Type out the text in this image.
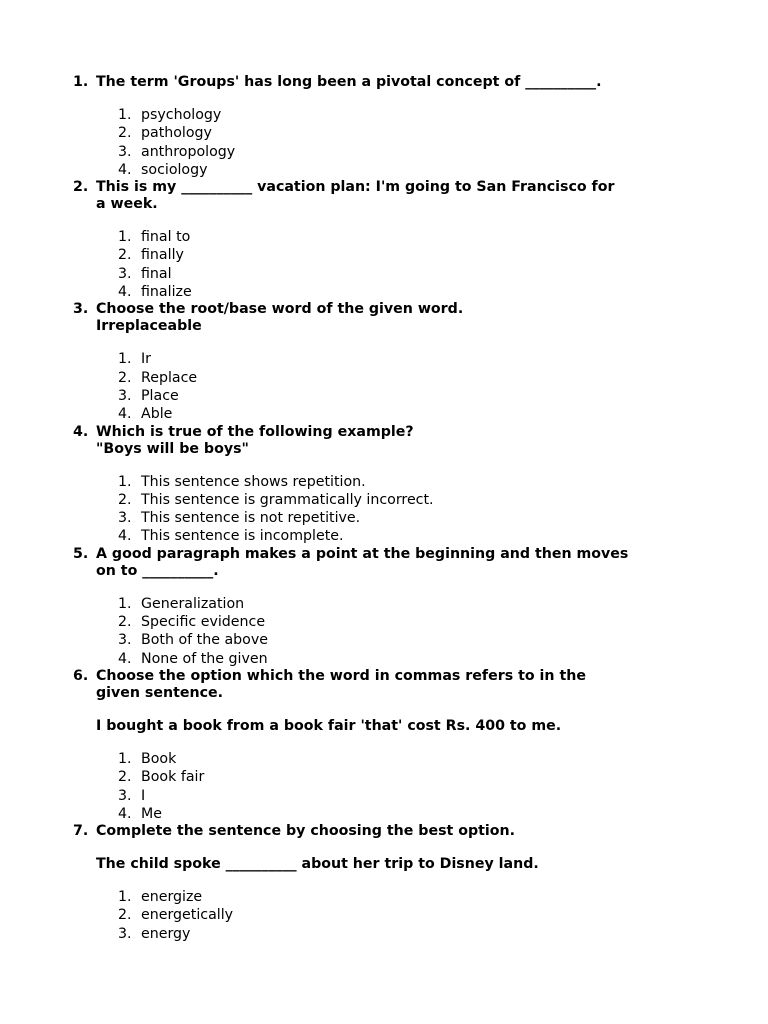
1. The term 'Groups' has long been a pivotal concept of __________.
1. psychology
2. pathology
3. anthropology
4. sociology
2. This is my __________ vacation plan: I'm going to San Francisco for
a week.
1. final to
2. finally
3. final
4. finalize
3. Choose the root/base word of the given word.
Irreplaceable
1. Ir
2. Replace
3. Place
4. Able
4. Which is true of the following example?
"Boys will be boys"
1. This sentence shows repetition.
2. This sentence is grammatically incorrect.
3. This sentence is not repetitive.
4. This sentence is incomplete.
5. A good paragraph makes a point at the beginning and then moves
on to __________.
1. Generalization
2. Specific evidence
3. Both of the above
4. None of the given
6. Choose the option which the word in commas refers to in the
given sentence.
I bought a book from a book fair 'that' cost Rs. 400 to me.
1. Book
2. Book fair
3. I
4. Me
7. Complete the sentence by choosing the best option.
The child spoke __________ about her trip to Disney land.
1. energize
2. energetically
3. energy
